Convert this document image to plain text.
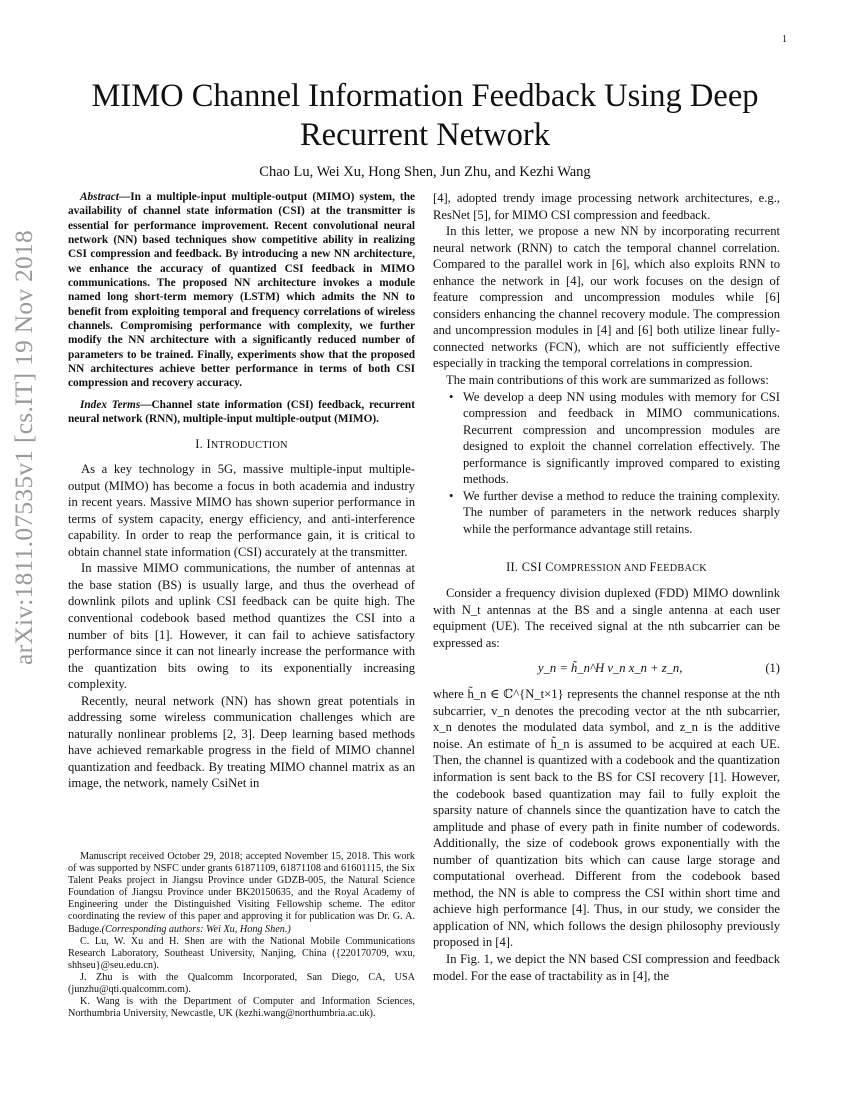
1
arXiv:1811.07535v1 [cs.IT] 19 Nov 2018
MIMO Channel Information Feedback Using Deep Recurrent Network
Chao Lu, Wei Xu, Hong Shen, Jun Zhu, and Kezhi Wang

Abstract—In a multiple-input multiple-output (MIMO) system, the availability of channel state information (CSI) at the transmitter is essential for performance improvement. Recent convolutional neural network (NN) based techniques show competitive ability in realizing CSI compression and feedback. By introducing a new NN architecture, we enhance the accuracy of quantized CSI feedback in MIMO communications. The proposed NN architecture invokes a module named long short-term memory (LSTM) which admits the NN to benefit from exploiting temporal and frequency correlations of wireless channels. Compromising performance with complexity, we further modify the NN architecture with a significantly reduced number of parameters to be trained. Finally, experiments show that the proposed NN architectures achieve better performance in terms of both CSI compression and recovery accuracy.

Index Terms—Channel state information (CSI) feedback, recurrent neural network (RNN), multiple-input multiple-output (MIMO).

I. INTRODUCTION

As a key technology in 5G, massive multiple-input multiple-output (MIMO) has become a focus in both academia and industry in recent years. Massive MIMO has shown superior performance in terms of system capacity, energy efficiency, and anti-interference capability. In order to reap the performance gain, it is critical to obtain channel state information (CSI) accurately at the transmitter.

In massive MIMO communications, the number of antennas at the base station (BS) is usually large, and thus the overhead of downlink pilots and uplink CSI feedback can be quite high. The conventional codebook based method quantizes the CSI into a number of bits [1]. However, it can fail to achieve satisfactory performance since it can not linearly increase the performance with the quantization bits owing to its exponentially increasing complexity.

Recently, neural network (NN) has shown great potentials in addressing some wireless communication challenges which are naturally nonlinear problems [2, 3]. Deep learning based methods have achieved remarkable progress in the field of MIMO channel quantization and feedback. By treating MIMO channel matrix as an image, the network, namely CsiNet in

Manuscript received October 29, 2018; accepted November 15, 2018. This work of was supported by NSFC under grants 61871109, 61871108 and 61601115, the Six Talent Peaks project in Jiangsu Province under GDZB-005, the Natural Science Foundation of Jiangsu Province under BK20150635, and the Royal Academy of Engineering under the Distinguished Visiting Fellowship scheme. The editor coordinating the review of this paper and approving it for publication was Dr. G. A. Baduge.(Corresponding authors: Wei Xu, Hong Shen.)

C. Lu, W. Xu and H. Shen are with the National Mobile Communications Research Laboratory, Southeast University, Nanjing, China ({220170709, wxu, shhseu}@seu.edu.cn).

J. Zhu is with the Qualcomm Incorporated, San Diego, CA, USA (junzhu@qti.qualcomm.com).

K. Wang is with the Department of Computer and Information Sciences, Northumbria University, Newcastle, UK (kezhi.wang@northumbria.ac.uk).

[4], adopted trendy image processing network architectures, e.g., ResNet [5], for MIMO CSI compression and feedback.

In this letter, we propose a new NN by incorporating recurrent neural network (RNN) to catch the temporal channel correlation. Compared to the parallel work in [6], which also exploits RNN to enhance the network in [4], our work focuses on the design of feature compression and uncompression modules while [6] considers enhancing the channel recovery module. The compression and uncompression modules in [4] and [6] both utilize linear fully-connected networks (FCN), which are not sufficiently effective especially in tracking the temporal correlations in compression.

The main contributions of this work are summarized as follows:

• We develop a deep NN using modules with memory for CSI compression and feedback in MIMO communications. Recurrent compression and uncompression modules are designed to exploit the channel correlation effectively. The performance is significantly improved compared to existing methods.
• We further devise a method to reduce the training complexity. The number of parameters in the network reduces sharply while the performance advantage still retains.
II. CSI COMPRESSION AND FEEDBACK

Consider a frequency division duplexed (FDD) MIMO downlink with N_t antennas at the BS and a single antenna at each user equipment (UE). The received signal at the nth subcarrier can be expressed as:

y_n = h̃_n^H v_n x_n + z_n,	(1)

where h̃_n ∈ ℂ^{N_t×1} represents the channel response at the nth subcarrier, v_n denotes the precoding vector at the nth subcarrier, x_n denotes the modulated data symbol, and z_n is the additive noise. An estimate of h̃_n is assumed to be acquired at each UE. Then, the channel is quantized with a codebook and the quantization information is sent back to the BS for CSI recovery [1]. However, the codebook based quantization may fail to fully exploit the sparsity nature of channels since the quantization have to catch the amplitude and phase of every path in finite number of codewords. Additionally, the size of codebook grows exponentially with the number of quantization bits which can cause large storage and computational overhead. Different from the codebook based method, the NN is able to compress the CSI within short time and achieve high performance [4]. Thus, in our study, we consider the application of NN, which follows the design philosophy previously proposed in [4].

In Fig. 1, we depict the NN based CSI compression and feedback model. For the ease of tractability as in [4], the
